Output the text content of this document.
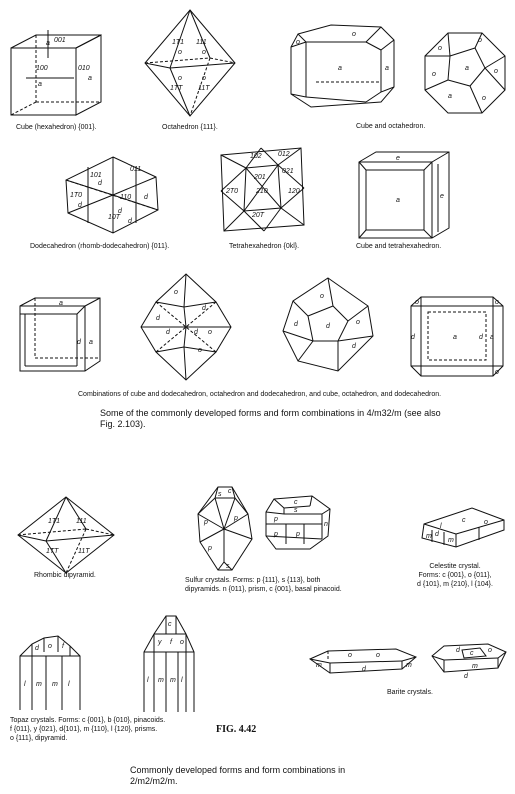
001
100	010
a
a
a
Cube (hexahedron) {001}.
1T1 111
1TT 11T
o	o
o	o
Octahedron {111}.
a	a
o
o
a
o
o
o
o
a	o
Cube and octahedron.
011
101
d
1T0	110
d
d
d
10T
d
Dodecahedron (rhomb-dodecahedron) {011}.
102 012
201
021
2T0	210	120
20T
Tetrahexahedron {0kl}.
e
a
e
Cube and tetrahexahedron.
a
d a
o
d
d
d o
d
o
o
d
d	o
d
o
d	a	d a
o
o
Combinations of cube and dodecahedron, octahedron and dodecahedron, and cube, octahedron, and dodecahedron.
Some of the commonly developed forms and form combinations in 4/m32/m (see also
Fig. 2.103).
1T1 111
1TT	11T
Rhombic dipyramid.
s c
p
p
p
s
c
s
p
n
p	p
Sulfur crystals. Forms: p {111}, s {113}, both
dipyramids. n {011}, prism, c {001}, basal pinacoid.
c	o
m d
m
l
Celestite crystal.
Forms: c {001}, o {011},
d {101}, m {210}, l {104}.
d o f
l m m l
c
y f o
l m m l
m
o	o
d
m
d c o
m
d
Barite crystals.
Topaz crystals. Forms: c {001}, b {010}, pinacoids.
f {011}, y {021}, d{101}, m {110}, l {120}, prisms.
o {111}, dipyramid.
FIG. 4.42
Commonly developed forms and form combinations in
2/m2/m2/m.
